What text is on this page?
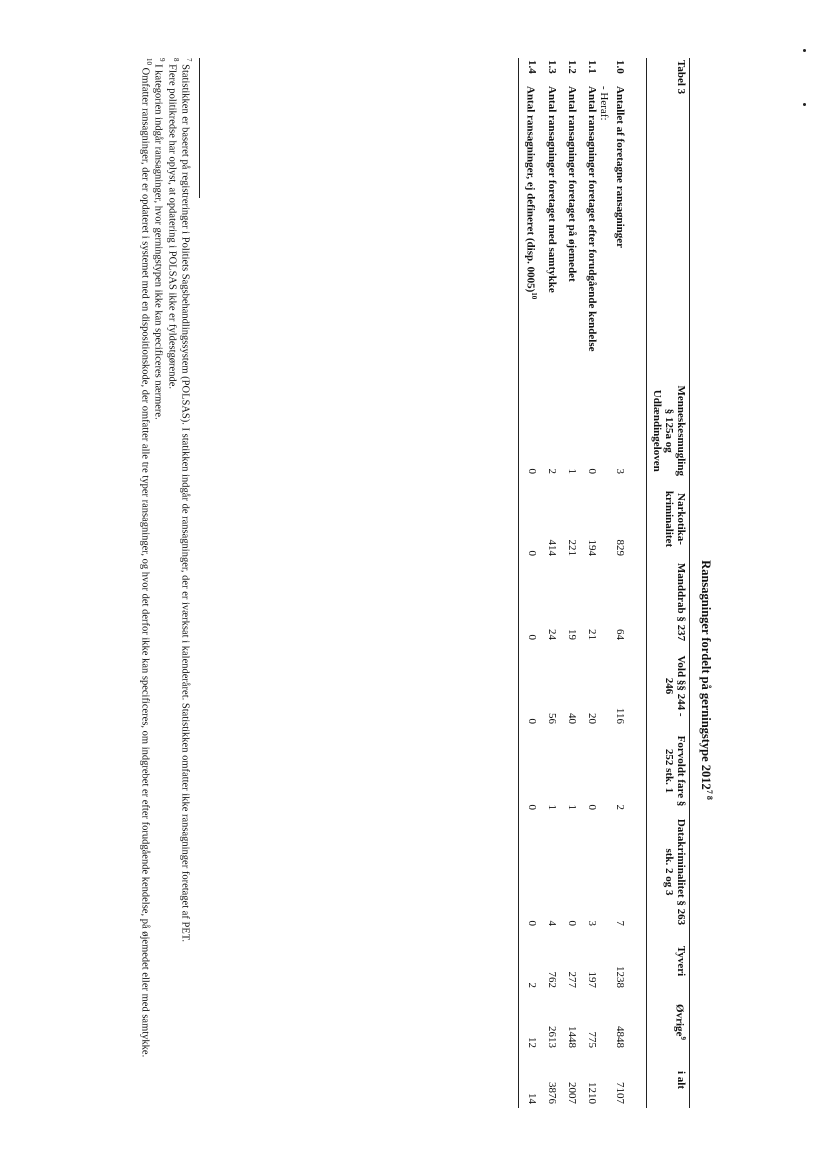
Ransagninger fordelt på gerningstype $2012^{7 8}$
Tabel 3		Menneskesmugling § 125a og Udlændingeloven	Narkotika-kriminalitet	Manddrab § 237	Vold §§ 244 - 246	Forvoldt fare § 252 stk. 1	Datakriminalitet § 263 stk. 2 og 3	Tyveri	Øvrige$^9$	i alt
1.0	Antallet af foretagne ransagninger	3	829	64	116	2	7	1238	4848	7107
	- Heraf:									
1.1	Antal ransagninger foretaget efter forudgående kendelse	0	194	21	20	0	3	197	775	1210
1.2	Antal ransagninger foretaget på øjemedet	1	221	19	40	1	0	277	1448	2007
1.3	Antal ransagninger foretaget med samtykke	2	414	24	56	1	4	762	2613	3876
1.4	Antal ransagninger, ej defineret (disp. 0005)$^{10}$	0	0	0	0	0	0	2	12	14

$^7$ Statistikken er baseret på registreringer i Politiets Sagsbehandlingssystem (POLSAS). I statikken indgår de ransagninger, der er iværksat i kalenderåret. Statistikken omfatter ikke ransagninger foretaget af PET.

$^8$ Flere politikredse har oplyst, at opdatering i POLSAS ikke er fyldestgørende.

$^9$ I kategorien indgår ransagninger, hvor gerningstypen ikke kan specificeres nærmere.

$^{10}$ Omfatter ransagninger, der er opdateret i systemet med en dispositionskode, der omfatter alle tre typer ransagninger, og hvor det derfor ikke kan specificeres, om indgrebet er efter forudgående kendelse, på øjemedet eller med samtykke.
